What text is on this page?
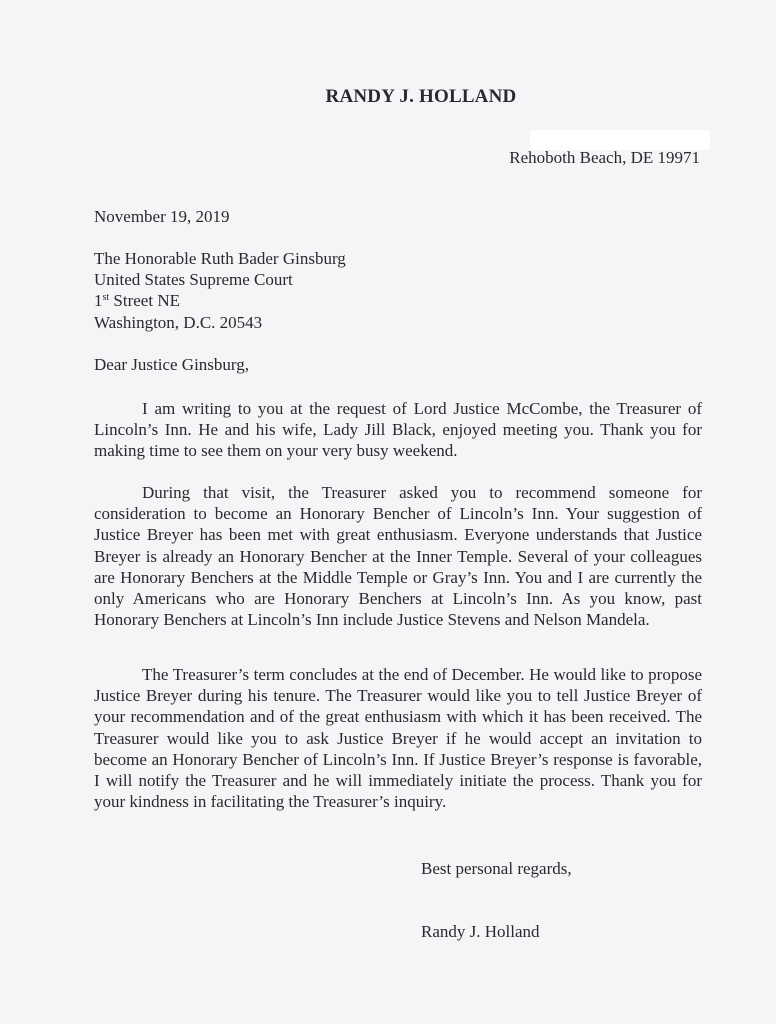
RANDY J. HOLLAND
Rehoboth Beach, DE 19971
November 19, 2019
The Honorable Ruth Bader Ginsburg
United States Supreme Court
1st Street NE
Washington, D.C. 20543
Dear Justice Ginsburg,
I am writing to you at the request of Lord Justice McCombe, the Treasurer of Lincoln’s Inn. He and his wife, Lady Jill Black, enjoyed meeting you. Thank you for making time to see them on your very busy weekend.
During that visit, the Treasurer asked you to recommend someone for consideration to become an Honorary Bencher of Lincoln’s Inn. Your suggestion of Justice Breyer has been met with great enthusiasm. Everyone understands that Justice Breyer is already an Honorary Bencher at the Inner Temple. Several of your colleagues are Honorary Benchers at the Middle Temple or Gray’s Inn. You and I are currently the only Americans who are Honorary Benchers at Lincoln’s Inn. As you know, past Honorary Benchers at Lincoln’s Inn include Justice Stevens and Nelson Mandela.
The Treasurer’s term concludes at the end of December. He would like to propose Justice Breyer during his tenure. The Treasurer would like you to tell Justice Breyer of your recommendation and of the great enthusiasm with which it has been received. The Treasurer would like you to ask Justice Breyer if he would accept an invitation to become an Honorary Bencher of Lincoln’s Inn. If Justice Breyer’s response is favorable, I will notify the Treasurer and he will immediately initiate the process. Thank you for your kindness in facilitating the Treasurer’s inquiry.
Best personal regards,
Randy J. Holland
